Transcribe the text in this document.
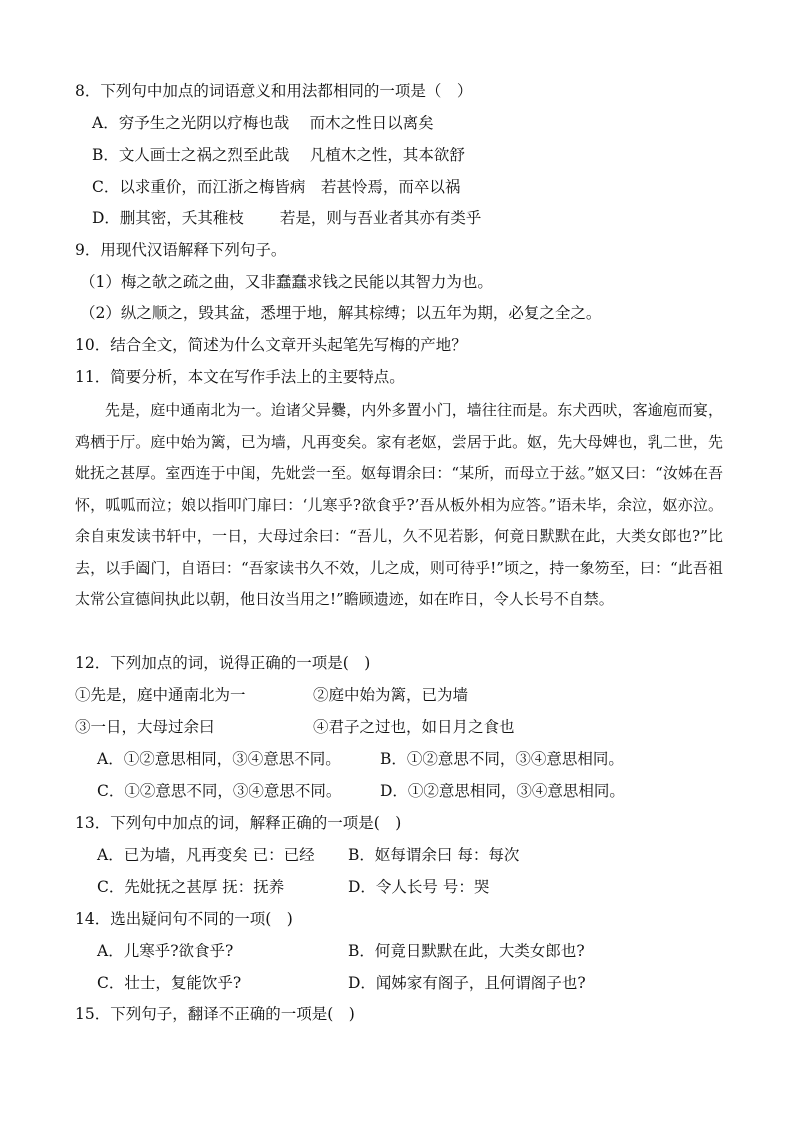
8．下列句中加点的词语意义和用法都相同的一项是（　）
A．穷予生之光阴以疗梅也哉　 而木之性日以离矣
B．文人画士之祸之烈至此哉　 凡植木之性，其本欲舒
C．以求重价，而江浙之梅皆病　若甚怜焉，而卒以祸
D．删其密，夭其稚枝　　 若是，则与吾业者其亦有类乎
9．用现代汉语解释下列句子。
（1）梅之欹之疏之曲，又非蠢蠢求钱之民能以其智力为也。
（2）纵之顺之，毁其盆，悉埋于地，解其棕缚；以五年为期，必复之全之。
10．结合全文，简述为什么文章开头起笔先写梅的产地？
11．简要分析，本文在写作手法上的主要特点。
先是，庭中通南北为一。迨诸父异爨，内外多置小门，墙往往而是。东犬西吠，客逾庖而宴，鸡栖于厅。庭中始为篱，已为墙，凡再变矣。家有老妪，尝居于此。妪，先大母婢也，乳二世，先妣抚之甚厚。室西连于中闺，先妣尝一至。妪每谓余曰：“某所，而母立于兹。”妪又曰：“汝姊在吾怀，呱呱而泣；娘以指叩门扉曰：‘儿寒乎?欲食乎?’吾从板外相为应答。”语未毕，余泣，妪亦泣。余自束发读书轩中，一日，大母过余曰：“吾儿，久不见若影，何竟日默默在此，大类女郎也?”比去，以手阖门，自语曰：“吾家读书久不效，儿之成，则可待乎!”顷之，持一象笏至，曰：“此吾祖太常公宣德间执此以朝，他日汝当用之!”瞻顾遗迹，如在昨日，令人长号不自禁。
12．下列加点的词，说得正确的一项是(　)
①先是，庭中通南北为一	②庭中始为篱，已为墙
③一日，大母过余曰	④君子之过也，如日月之食也
A．①②意思相同，③④意思不同。	B．①②意思不同，③④意思相同。
C．①②意思不同，③④意思不同。 D．①②意思相同，③④意思相同。
13．下列句中加点的词，解释正确的一项是(　)
A．已为墙，凡再变矣 已：已经 B．妪每谓余曰 每：每次
C．先妣抚之甚厚 抚：抚养	D．令人长号 号：哭
14．选出疑问句不同的一项(　)
A．儿寒乎?欲食乎?	B．何竟日默默在此，大类女郎也?
C．壮士，复能饮乎?	D．闻姊家有阁子，且何谓阁子也?
15．下列句子，翻译不正确的一项是(　)
